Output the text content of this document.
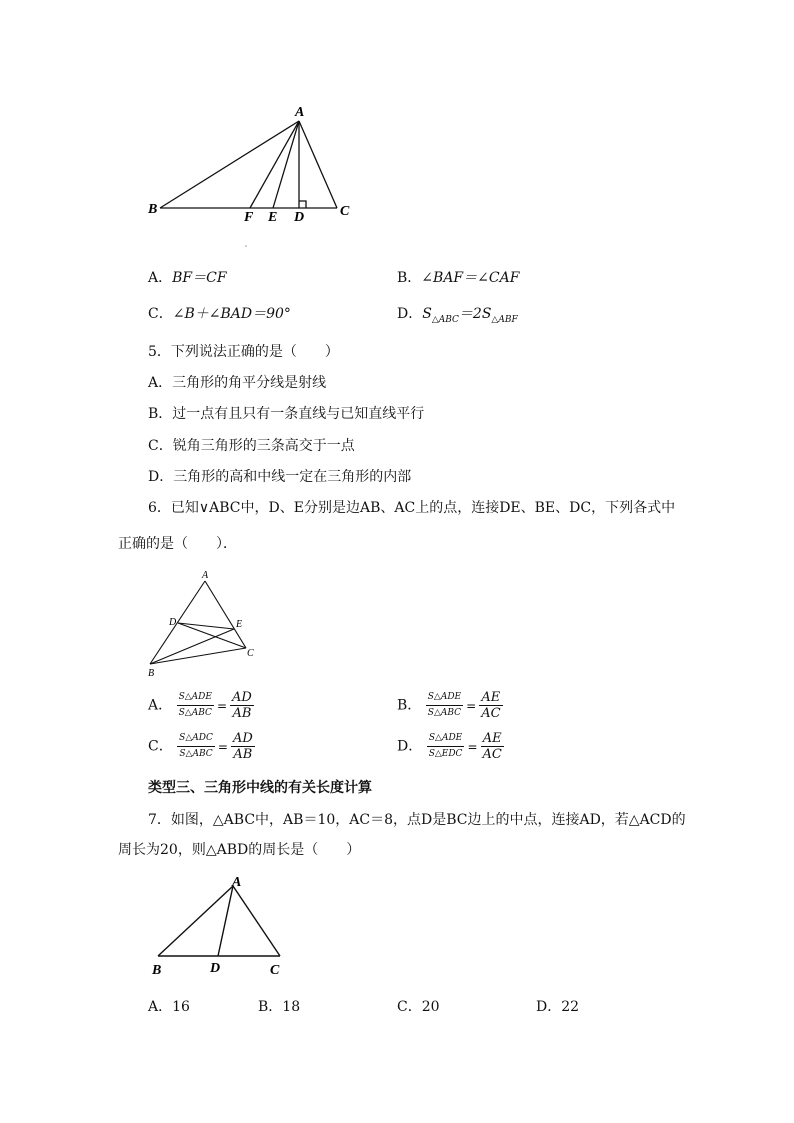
A
B	C
D
E
F
A．BF＝CF	B．∠BAF＝∠CAF
C．∠B＋∠BAD＝90°	D．$S_{\triangle ABC}=2S_{\triangle ABF}$
5．下列说法正确的是（　　）
A．三角形的角平分线是射线
B．过一点有且只有一条直线与已知直线平行
C．锐角三角形的三条高交于一点
D．三角形的高和中线一定在三角形的内部
6．已知∨ABC中，D、E分别是边AB、AC上的点，连接DE、BE、DC，下列各式中
正确的是（　　）．
A
B
C
D	E
A． $\frac{\text{S△ADE}}{\text{S△ABC}} = \frac{AD}{AB}$	B． $\frac{\text{S△ADE}}{\text{S△ABC}} = \frac{AE}{AC}$
C． $\frac{\text{S△ADC}}{\text{S△ABC}} = \frac{AD}{AB}$	D． $\frac{\text{S△ADE}}{\text{S△EDC}} = \frac{AE}{AC}$
类型三、三角形中线的有关长度计算
7．如图，△ABC中，AB＝10，AC＝8，点D是BC边上的中点，连接AD，若△ACD的
周长为20，则△ABD的周长是（　　）
A
B	D	C
A．16	B．18	C．20	D．22
